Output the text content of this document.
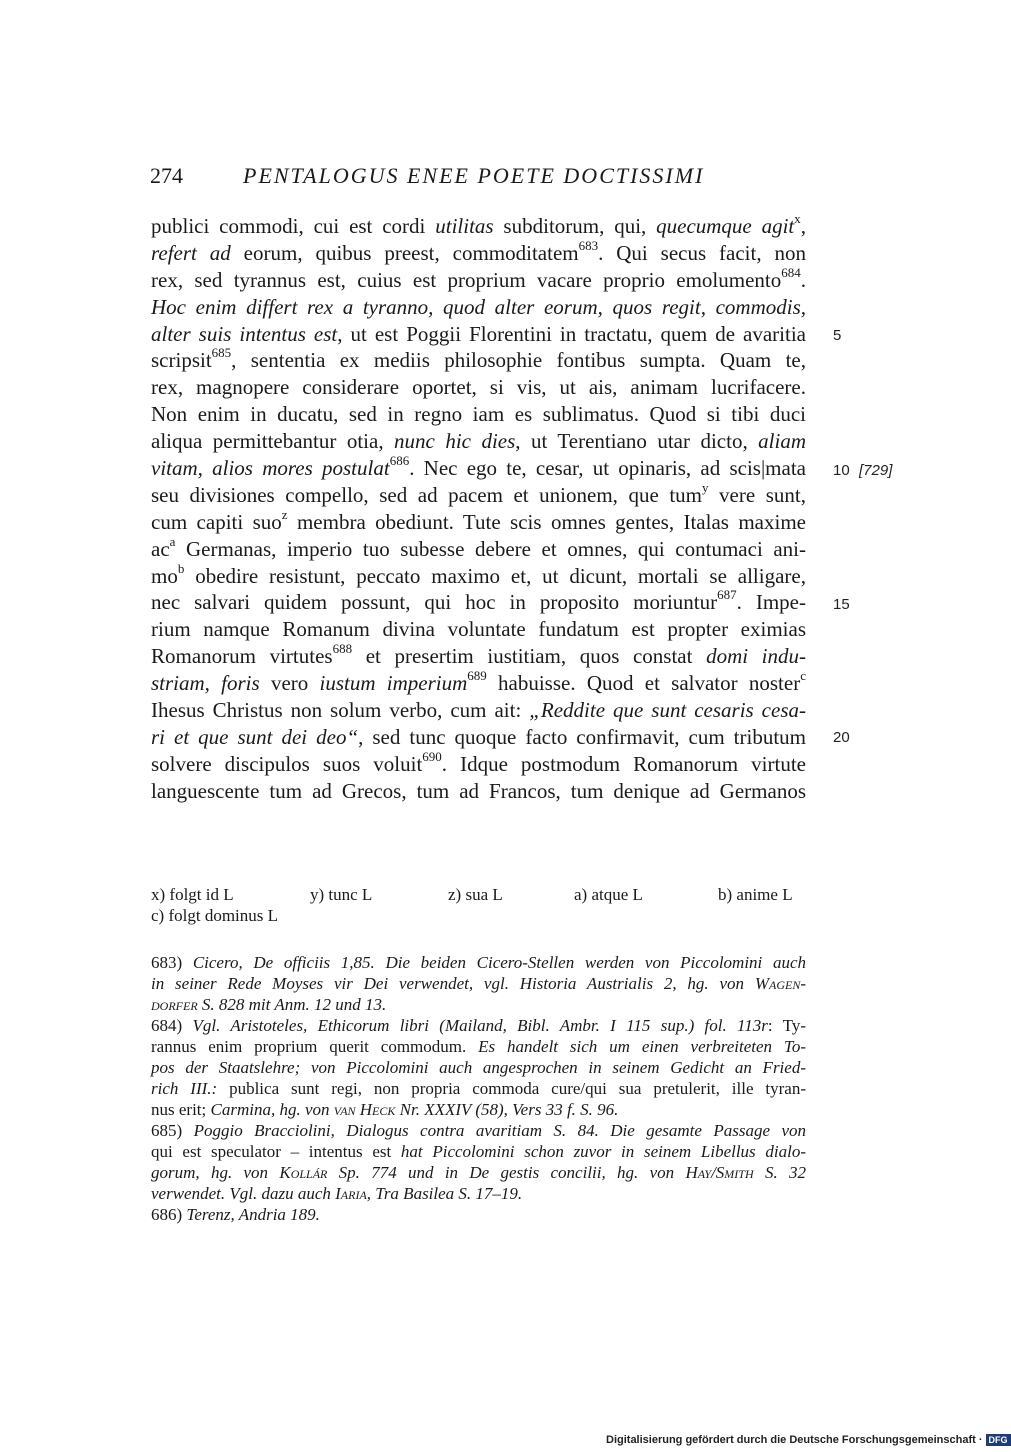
274	PENTALOGUS ENEE POETE DOCTISSIMI
publici commodi, cui est cordi utilitas subditorum, qui, quecumque agit$^x$,
refert ad eorum, quibus preest, commoditatem$^{683}$. Qui secus facit, non
rex, sed tyrannus est, cuius est proprium vacare proprio emolumento$^{684}$.
Hoc enim differt rex a tyranno, quod alter eorum, quos regit, commodis,
alter suis intentus est, ut est Poggii Florentini in tractatu, quem de avaritia
scripsit$^{685}$, sententia ex mediis philosophie fontibus sumpta. Quam te,
rex, magnopere considerare oportet, si vis, ut ais, animam lucrifacere.
Non enim in ducatu, sed in regno iam es sublimatus. Quod si tibi duci
aliqua permittebantur otia, nunc hic dies, ut Terentiano utar dicto, aliam
vitam, alios mores postulat$^{686}$. Nec ego te, cesar, ut opinaris, ad scis|mata
seu divisiones compello, sed ad pacem et unionem, que tum$^y$ vere sunt,
cum capiti suo$^z$ membra obediunt. Tute scis omnes gentes, Italas maxime
$ac^a$ Germanas, imperio tuo subesse debere et omnes, qui contumaci ani-
$mo^b$ obedire resistunt, peccato maximo et, ut dicunt, mortali se alligare,
nec salvari quidem possunt, qui hoc in proposito moriuntur$^{687}$. Impe-
rium namque Romanum divina voluntate fundatum est propter eximias
Romanorum virtutes$^{688}$ et presertim iustitiam, quos constat domi indu-
striam, foris vero iustum imperium$^{689}$ habuisse. Quod et salvator noster$^c$
Ihesus Christus non solum verbo, cum ait: „Reddite que sunt cesaris cesa-
ri et que sunt dei deo“, sed tunc quoque facto confirmavit, cum tributum
solvere discipulos suos voluit$^{690}$. Idque postmodum Romanorum virtute
languescente tum ad Grecos, tum ad Francos, tum denique ad Germanos
5
10 [729]
15
20
x) folgt id L	y) tunc L	z) sua L	a) atque L	b) anime L
c) folgt dominus L
683) Cicero, De officiis 1,85. Die beiden Cicero-Stellen werden von Piccolomini auch
in seiner Rede Moyses vir Dei verwendet, vgl. Historia Austrialis 2, hg. von Wagen-
dorfer S. 828 mit Anm. 12 und 13.
684) Vgl. Aristoteles, Ethicorum libri (Mailand, Bibl. Ambr. I 115 sup.) fol. 113r: Ty-
rannus enim proprium querit commodum. Es handelt sich um einen verbreiteten To-
pos der Staatslehre; von Piccolomini auch angesprochen in seinem Gedicht an Fried-
rich III.: publica sunt regi, non propria commoda cure/qui sua pretulerit, ille tyran-
nus erit; Carmina, hg. von van Heck Nr. XXXIV (58), Vers 33 f. S. 96.
685) Poggio Bracciolini, Dialogus contra avaritiam S. 84. Die gesamte Passage von
qui est speculator – intentus est hat Piccolomini schon zuvor in seinem Libellus dialo-
gorum, hg. von Kollár Sp. 774 und in De gestis concilii, hg. von Hay/Smith S. 32
verwendet. Vgl. dazu auch Iaria, Tra Basilea S. 17–19.
686) Terenz, Andria 189.
Digitalisierung gefördert durch die Deutsche Forschungsgemeinschaft · DFG
